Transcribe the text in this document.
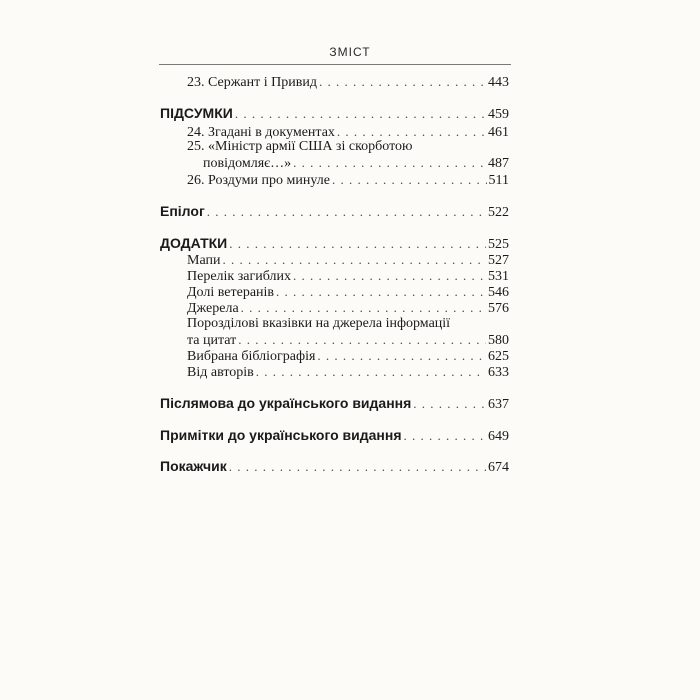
ЗМІСТ
23. Сержант і Привид . . .	443
ПІДСУМКИ . . .	459
24. Згадані в документах . . .	461
25. «Міністр армії США зі скорботою
повідомляє…» . . .	487
26. Роздуми про минуле . . .	511
Епілог . . .	522
ДОДАТКИ . . .	525
Мапи . . .	527
Перелік загиблих . . .	531
Долі ветеранів . . .	546
Джерела . . .	576
Порозділові вказівки на джерела інформації
та цитат . . .	580
Вибрана бібліографія . . .	625
Від авторів . . .	633
Післямова до українського видання . . .	637
Примітки до українського видання . . .	649
Покажчик . . .	674
